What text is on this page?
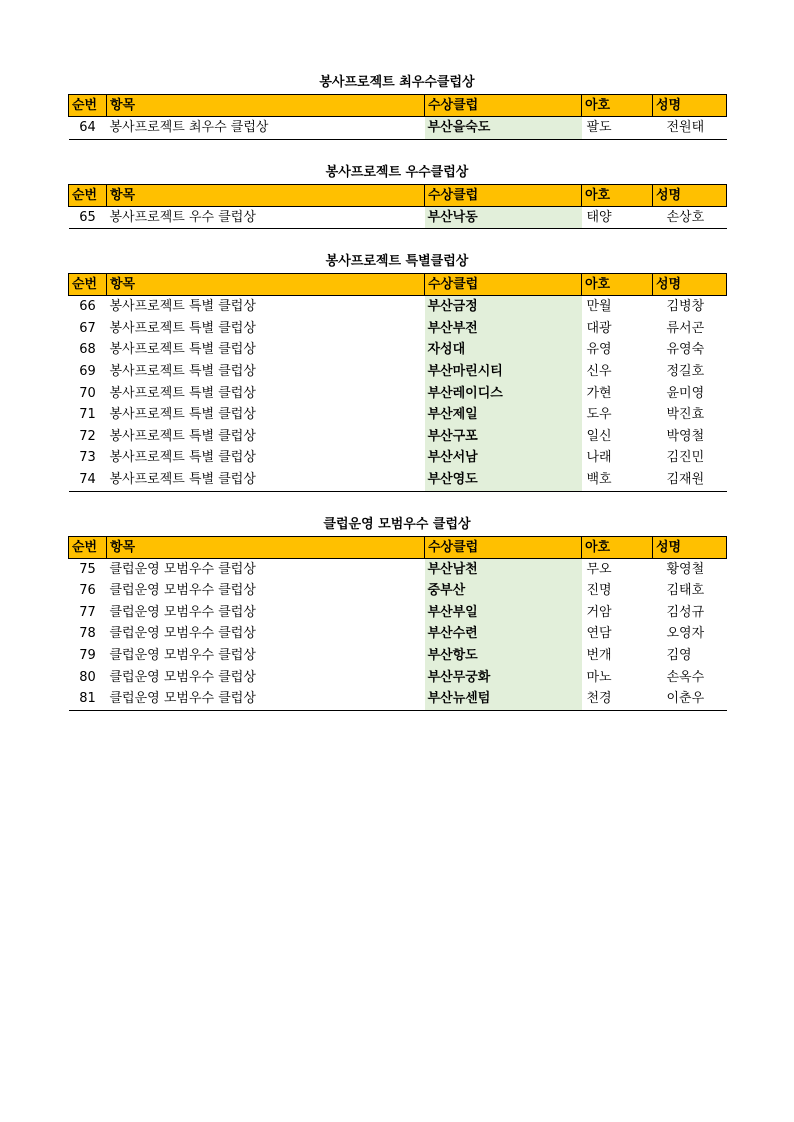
봉사프로젝트 최우수클럽상
순번	항목	수상클럽	아호	성명
64	봉사프로젝트 최우수 클럽상	부산을숙도	팔도	전원태
봉사프로젝트 우수클럽상
순번	항목	수상클럽	아호	성명
65	봉사프로젝트 우수 클럽상	부산낙동	태양	손상호
봉사프로젝트 특별클럽상
순번	항목	수상클럽	아호	성명
66	봉사프로젝트 특별 클럽상	부산금정	만월	김병창
67	봉사프로젝트 특별 클럽상	부산부전	대광	류서곤
68	봉사프로젝트 특별 클럽상	자성대	유영	유영숙
69	봉사프로젝트 특별 클럽상	부산마린시티	신우	정길호
70	봉사프로젝트 특별 클럽상	부산레이디스	가현	윤미영
71	봉사프로젝트 특별 클럽상	부산제일	도우	박진효
72	봉사프로젝트 특별 클럽상	부산구포	일신	박영철
73	봉사프로젝트 특별 클럽상	부산서남	나래	김진민
74	봉사프로젝트 특별 클럽상	부산영도	백호	김재원
클럽운영 모범우수 클럽상
순번	항목	수상클럽	아호	성명
75	클럽운영 모범우수 클럽상	부산남천	무오	황영철
76	클럽운영 모범우수 클럽상	중부산	진명	김태호
77	클럽운영 모범우수 클럽상	부산부일	거암	김성규
78	클럽운영 모범우수 클럽상	부산수련	연담	오영자
79	클럽운영 모범우수 클럽상	부산항도	번개	김영
80	클럽운영 모범우수 클럽상	부산무궁화	마노	손옥수
81	클럽운영 모범우수 클럽상	부산뉴센텀	천경	이춘우
